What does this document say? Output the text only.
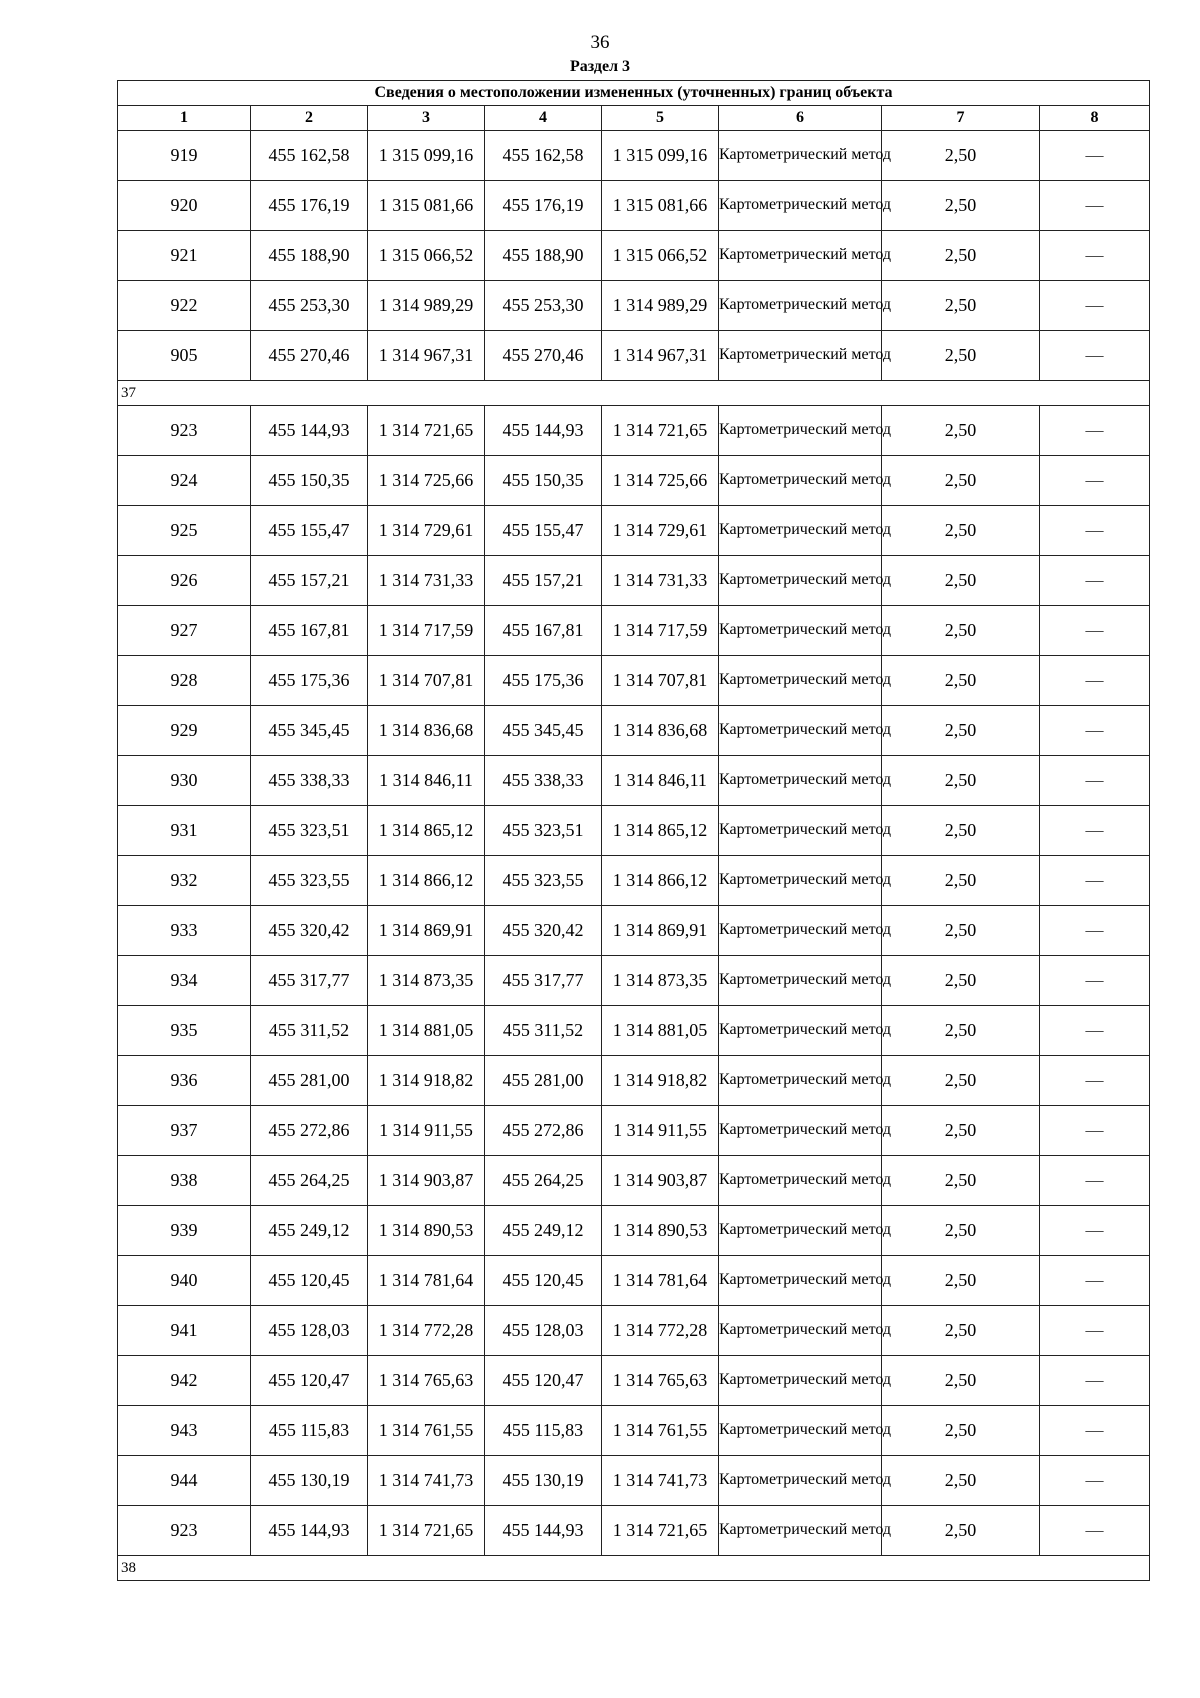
36
Раздел 3
Сведения о местоположении измененных (уточненных) границ объекта							
1	2	3	4	5	6	7	8
919	455 162,58	1 315 099,16	455 162,58	1 315 099,16	Картометрический метод	2,50	—
920	455 176,19	1 315 081,66	455 176,19	1 315 081,66	Картометрический метод	2,50	—
921	455 188,90	1 315 066,52	455 188,90	1 315 066,52	Картометрический метод	2,50	—
922	455 253,30	1 314 989,29	455 253,30	1 314 989,29	Картометрический метод	2,50	—
905	455 270,46	1 314 967,31	455 270,46	1 314 967,31	Картометрический метод	2,50	—
37							
923	455 144,93	1 314 721,65	455 144,93	1 314 721,65	Картометрический метод	2,50	—
924	455 150,35	1 314 725,66	455 150,35	1 314 725,66	Картометрический метод	2,50	—
925	455 155,47	1 314 729,61	455 155,47	1 314 729,61	Картометрический метод	2,50	—
926	455 157,21	1 314 731,33	455 157,21	1 314 731,33	Картометрический метод	2,50	—
927	455 167,81	1 314 717,59	455 167,81	1 314 717,59	Картометрический метод	2,50	—
928	455 175,36	1 314 707,81	455 175,36	1 314 707,81	Картометрический метод	2,50	—
929	455 345,45	1 314 836,68	455 345,45	1 314 836,68	Картометрический метод	2,50	—
930	455 338,33	1 314 846,11	455 338,33	1 314 846,11	Картометрический метод	2,50	—
931	455 323,51	1 314 865,12	455 323,51	1 314 865,12	Картометрический метод	2,50	—
932	455 323,55	1 314 866,12	455 323,55	1 314 866,12	Картометрический метод	2,50	—
933	455 320,42	1 314 869,91	455 320,42	1 314 869,91	Картометрический метод	2,50	—
934	455 317,77	1 314 873,35	455 317,77	1 314 873,35	Картометрический метод	2,50	—
935	455 311,52	1 314 881,05	455 311,52	1 314 881,05	Картометрический метод	2,50	—
936	455 281,00	1 314 918,82	455 281,00	1 314 918,82	Картометрический метод	2,50	—
937	455 272,86	1 314 911,55	455 272,86	1 314 911,55	Картометрический метод	2,50	—
938	455 264,25	1 314 903,87	455 264,25	1 314 903,87	Картометрический метод	2,50	—
939	455 249,12	1 314 890,53	455 249,12	1 314 890,53	Картометрический метод	2,50	—
940	455 120,45	1 314 781,64	455 120,45	1 314 781,64	Картометрический метод	2,50	—
941	455 128,03	1 314 772,28	455 128,03	1 314 772,28	Картометрический метод	2,50	—
942	455 120,47	1 314 765,63	455 120,47	1 314 765,63	Картометрический метод	2,50	—
943	455 115,83	1 314 761,55	455 115,83	1 314 761,55	Картометрический метод	2,50	—
944	455 130,19	1 314 741,73	455 130,19	1 314 741,73	Картометрический метод	2,50	—
923	455 144,93	1 314 721,65	455 144,93	1 314 721,65	Картометрический метод	2,50	—
38							
